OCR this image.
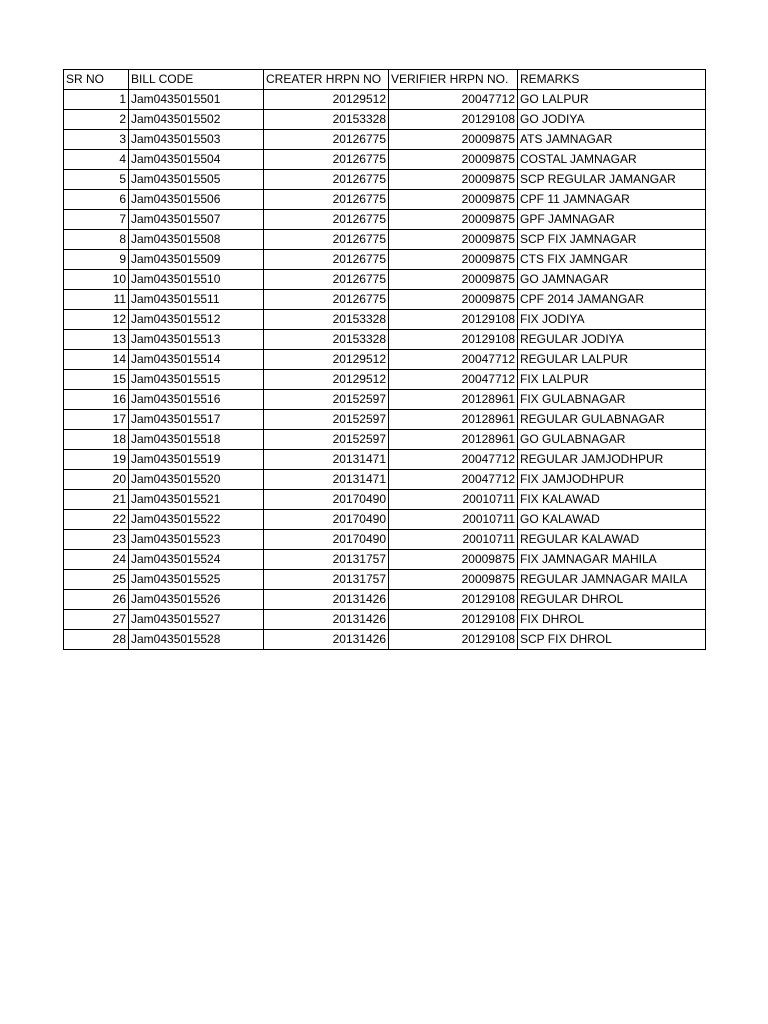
SR NO	BILL CODE	CREATER HRPN NO	VERIFIER HRPN NO.	REMARKS
1	Jam0435015501	20129512	20047712	GO LALPUR
2	Jam0435015502	20153328	20129108	GO JODIYA
3	Jam0435015503	20126775	20009875	ATS JAMNAGAR
4	Jam0435015504	20126775	20009875	COSTAL JAMNAGAR
5	Jam0435015505	20126775	20009875	SCP REGULAR JAMANGAR
6	Jam0435015506	20126775	20009875	CPF 11 JAMNAGAR
7	Jam0435015507	20126775	20009875	GPF JAMNAGAR
8	Jam0435015508	20126775	20009875	SCP FIX JAMNAGAR
9	Jam0435015509	20126775	20009875	CTS FIX JAMNGAR
10	Jam0435015510	20126775	20009875	GO JAMNAGAR
11	Jam0435015511	20126775	20009875	CPF 2014 JAMANGAR
12	Jam0435015512	20153328	20129108	FIX JODIYA
13	Jam0435015513	20153328	20129108	REGULAR JODIYA
14	Jam0435015514	20129512	20047712	REGULAR LALPUR
15	Jam0435015515	20129512	20047712	FIX LALPUR
16	Jam0435015516	20152597	20128961	FIX GULABNAGAR
17	Jam0435015517	20152597	20128961	REGULAR GULABNAGAR
18	Jam0435015518	20152597	20128961	GO GULABNAGAR
19	Jam0435015519	20131471	20047712	REGULAR JAMJODHPUR
20	Jam0435015520	20131471	20047712	FIX JAMJODHPUR
21	Jam0435015521	20170490	20010711	FIX KALAWAD
22	Jam0435015522	20170490	20010711	GO KALAWAD
23	Jam0435015523	20170490	20010711	REGULAR KALAWAD
24	Jam0435015524	20131757	20009875	FIX JAMNAGAR MAHILA
25	Jam0435015525	20131757	20009875	REGULAR JAMNAGAR MAILA
26	Jam0435015526	20131426	20129108	REGULAR DHROL
27	Jam0435015527	20131426	20129108	FIX DHROL
28	Jam0435015528	20131426	20129108	SCP FIX DHROL
